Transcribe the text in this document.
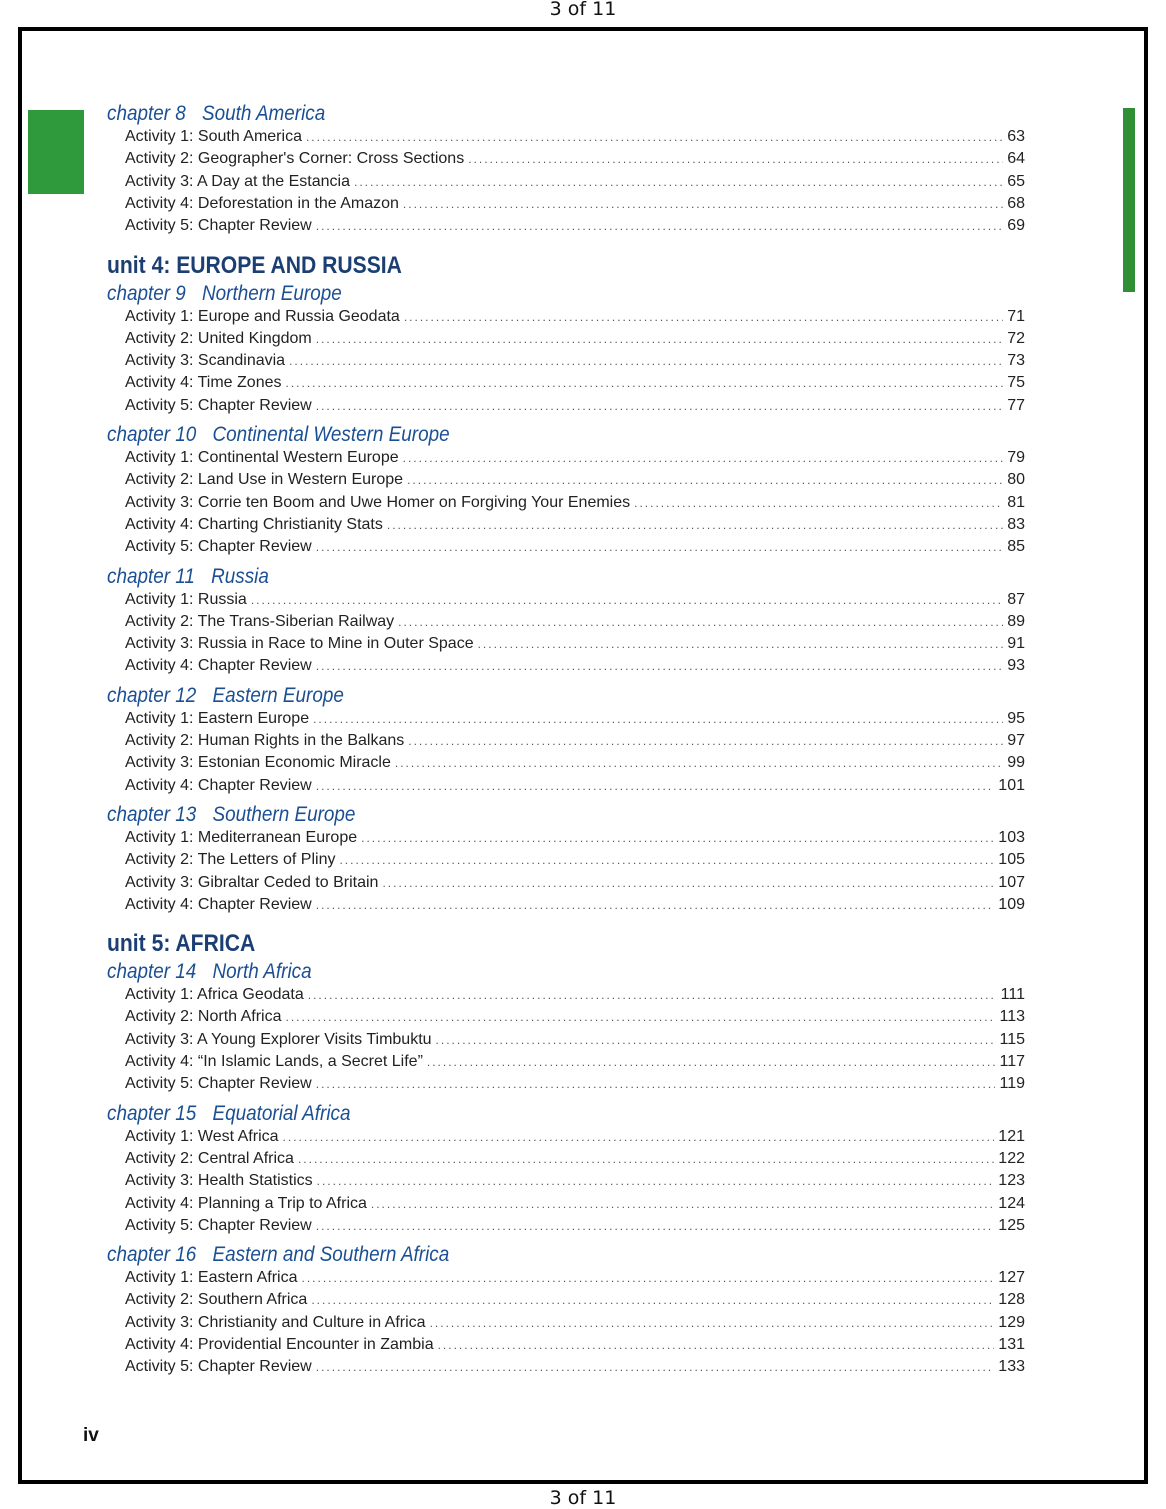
3 of 11
chapter 8 South America
Activity 1: South America .....	63
Activity 2: Geographer's Corner: Cross Sections .....	64
Activity 3: A Day at the Estancia .....	65
Activity 4: Deforestation in the Amazon .....	68
Activity 5: Chapter Review .....	69
unit 4: EUROPE AND RUSSIA
chapter 9 Northern Europe
Activity 1: Europe and Russia Geodata .....	71
Activity 2: United Kingdom .....	72
Activity 3: Scandinavia .....	73
Activity 4: Time Zones .....	75
Activity 5: Chapter Review .....	77
chapter 10 Continental Western Europe
Activity 1: Continental Western Europe .....	79
Activity 2: Land Use in Western Europe .....	80
Activity 3: Corrie ten Boom and Uwe Homer on Forgiving Your Enemies .....	81
Activity 4: Charting Christianity Stats .....	83
Activity 5: Chapter Review .....	85
chapter 11 Russia
Activity 1: Russia .....	87
Activity 2: The Trans-Siberian Railway .....	89
Activity 3: Russia in Race to Mine in Outer Space .....	91
Activity 4: Chapter Review .....	93
chapter 12 Eastern Europe
Activity 1: Eastern Europe .....	95
Activity 2: Human Rights in the Balkans .....	97
Activity 3: Estonian Economic Miracle .....	99
Activity 4: Chapter Review .....	101
chapter 13 Southern Europe
Activity 1: Mediterranean Europe .....	103
Activity 2: The Letters of Pliny .....	105
Activity 3: Gibraltar Ceded to Britain .....	107
Activity 4: Chapter Review .....	109
unit 5: AFRICA
chapter 14 North Africa
Activity 1: Africa Geodata .....	111
Activity 2: North Africa .....	113
Activity 3: A Young Explorer Visits Timbuktu .....	115
Activity 4: “In Islamic Lands, a Secret Life” .....	117
Activity 5: Chapter Review .....	119
chapter 15 Equatorial Africa
Activity 1: West Africa .....	121
Activity 2: Central Africa .....	122
Activity 3: Health Statistics .....	123
Activity 4: Planning a Trip to Africa .....	124
Activity 5: Chapter Review .....	125
chapter 16 Eastern and Southern Africa
Activity 1: Eastern Africa .....	127
Activity 2: Southern Africa .....	128
Activity 3: Christianity and Culture in Africa .....	129
Activity 4: Providential Encounter in Zambia .....	131
Activity 5: Chapter Review .....	133
iv
3 of 11
